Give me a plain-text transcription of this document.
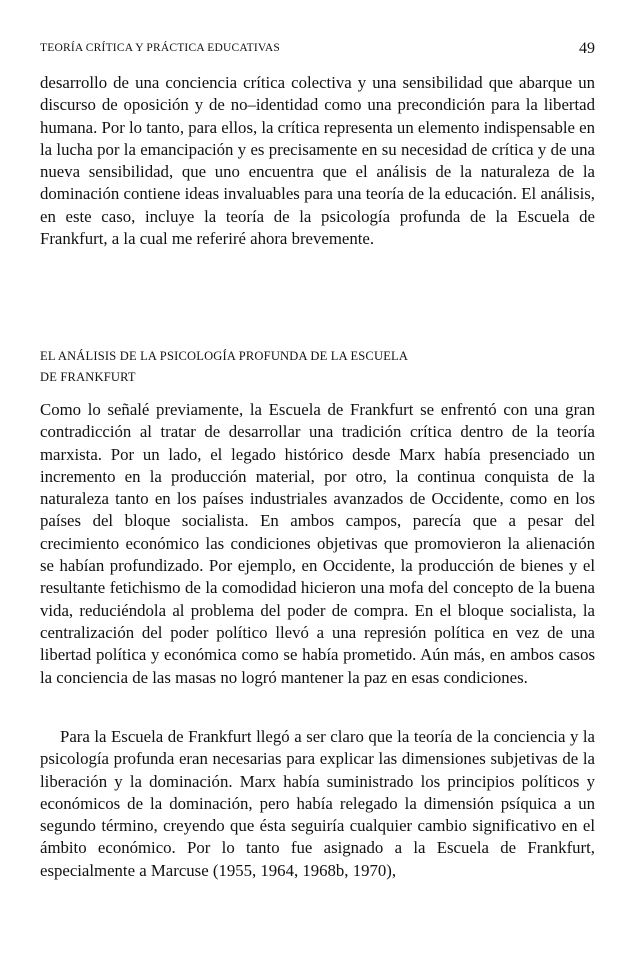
TEORÍA CRÍTICA Y PRÁCTICA EDUCATIVAS	49

desarrollo de una conciencia crítica colectiva y una sensibilidad que abarque un discurso de oposición y de no–identidad como una precondición para la libertad humana. Por lo tanto, para ellos, la crítica representa un elemento indispensable en la lucha por la emancipación y es precisamente en su necesidad de crítica y de una nueva sensibilidad, que uno encuentra que el análisis de la naturaleza de la dominación contiene ideas invaluables para una teoría de la educación. El análisis, en este caso, incluye la teoría de la psicología profunda de la Escuela de Frankfurt, a la cual me referiré ahora brevemente.

EL ANÁLISIS DE LA PSICOLOGÍA PROFUNDA DE LA ESCUELA
DE FRANKFURT

Como lo señalé previamente, la Escuela de Frankfurt se enfrentó con una gran contradicción al tratar de desarrollar una tradición crítica dentro de la teoría marxista. Por un lado, el legado histórico desde Marx había presenciado un incremento en la producción material, por otro, la continua conquista de la naturaleza tanto en los países industriales avanzados de Occidente, como en los países del bloque socialista. En ambos campos, parecía que a pesar del crecimiento económico las condiciones objetivas que promovieron la alienación se habían profundizado. Por ejemplo, en Occidente, la producción de bienes y el resultante fetichismo de la comodidad hicieron una mofa del concepto de la buena vida, reduciéndola al problema del poder de compra. En el bloque socialista, la centralización del poder político llevó a una represión política en vez de una libertad política y económica como se había prometido. Aún más, en ambos casos la conciencia de las masas no logró mantener la paz en esas condiciones.

Para la Escuela de Frankfurt llegó a ser claro que la teoría de la conciencia y la psicología profunda eran necesarias para explicar las dimensiones subjetivas de la liberación y la dominación. Marx había suministrado los principios políticos y económicos de la dominación, pero había relegado la dimensión psíquica a un segundo término, creyendo que ésta seguiría cualquier cambio significativo en el ámbito económico. Por lo tanto fue asignado a la Escuela de Frankfurt, especialmente a Marcuse (1955, 1964, 1968b, 1970),
